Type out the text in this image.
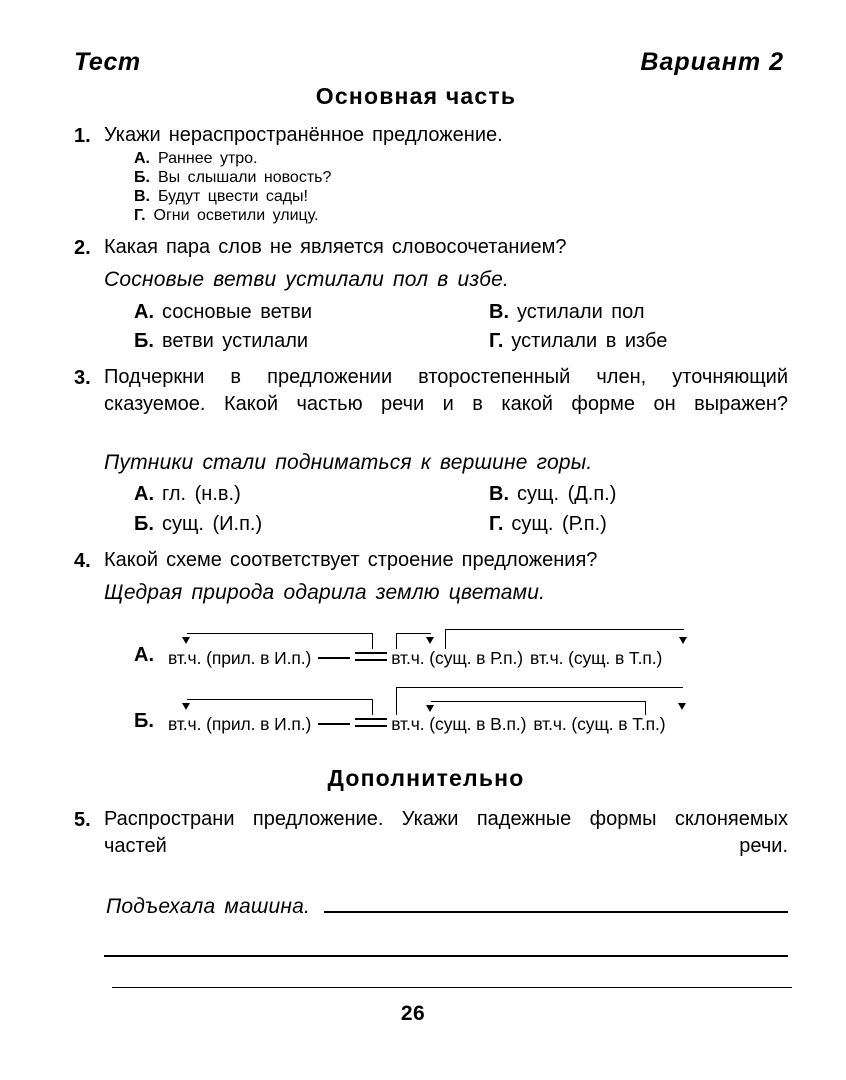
Тест	Вариант 2
Основная часть
1. Укажи нераспространённое предложение.
А. Раннее утро.
Б. Вы слышали новость?
В. Будут цвести сады!
Г. Огни осветили улицу.
2. Какая пара слов не является словосочетанием?
Сосновые ветви устилали пол в избе.
А. сосновые ветви	В. устилали пол
Б. ветви устилали	Г. устилали в избе
3. Подчеркни в предложении второстепенный член, уточняющий сказуемое. Какой частью речи и в какой форме он выражен?
Путники стали подниматься к вершине горы.
А. гл. (н.в.)	В. сущ. (Д.п.)
Б. сущ. (И.п.)	Г. сущ. (Р.п.)
4. Какой схеме соответствует строение предложения?
Щедрая природа одарила землю цветами.
А. вт.ч. (прил. в И.п.)	вт.ч. (сущ. в Р.п.) вт.ч. (сущ. в Т.п.)
Б. вт.ч. (прил. в И.п.)	вт.ч. (сущ. в В.п.) вт.ч. (сущ. в Т.п.)
Дополнительно
5. Распространи предложение. Укажи падежные формы склоняемых частей речи.
Подъехала машина.
26
